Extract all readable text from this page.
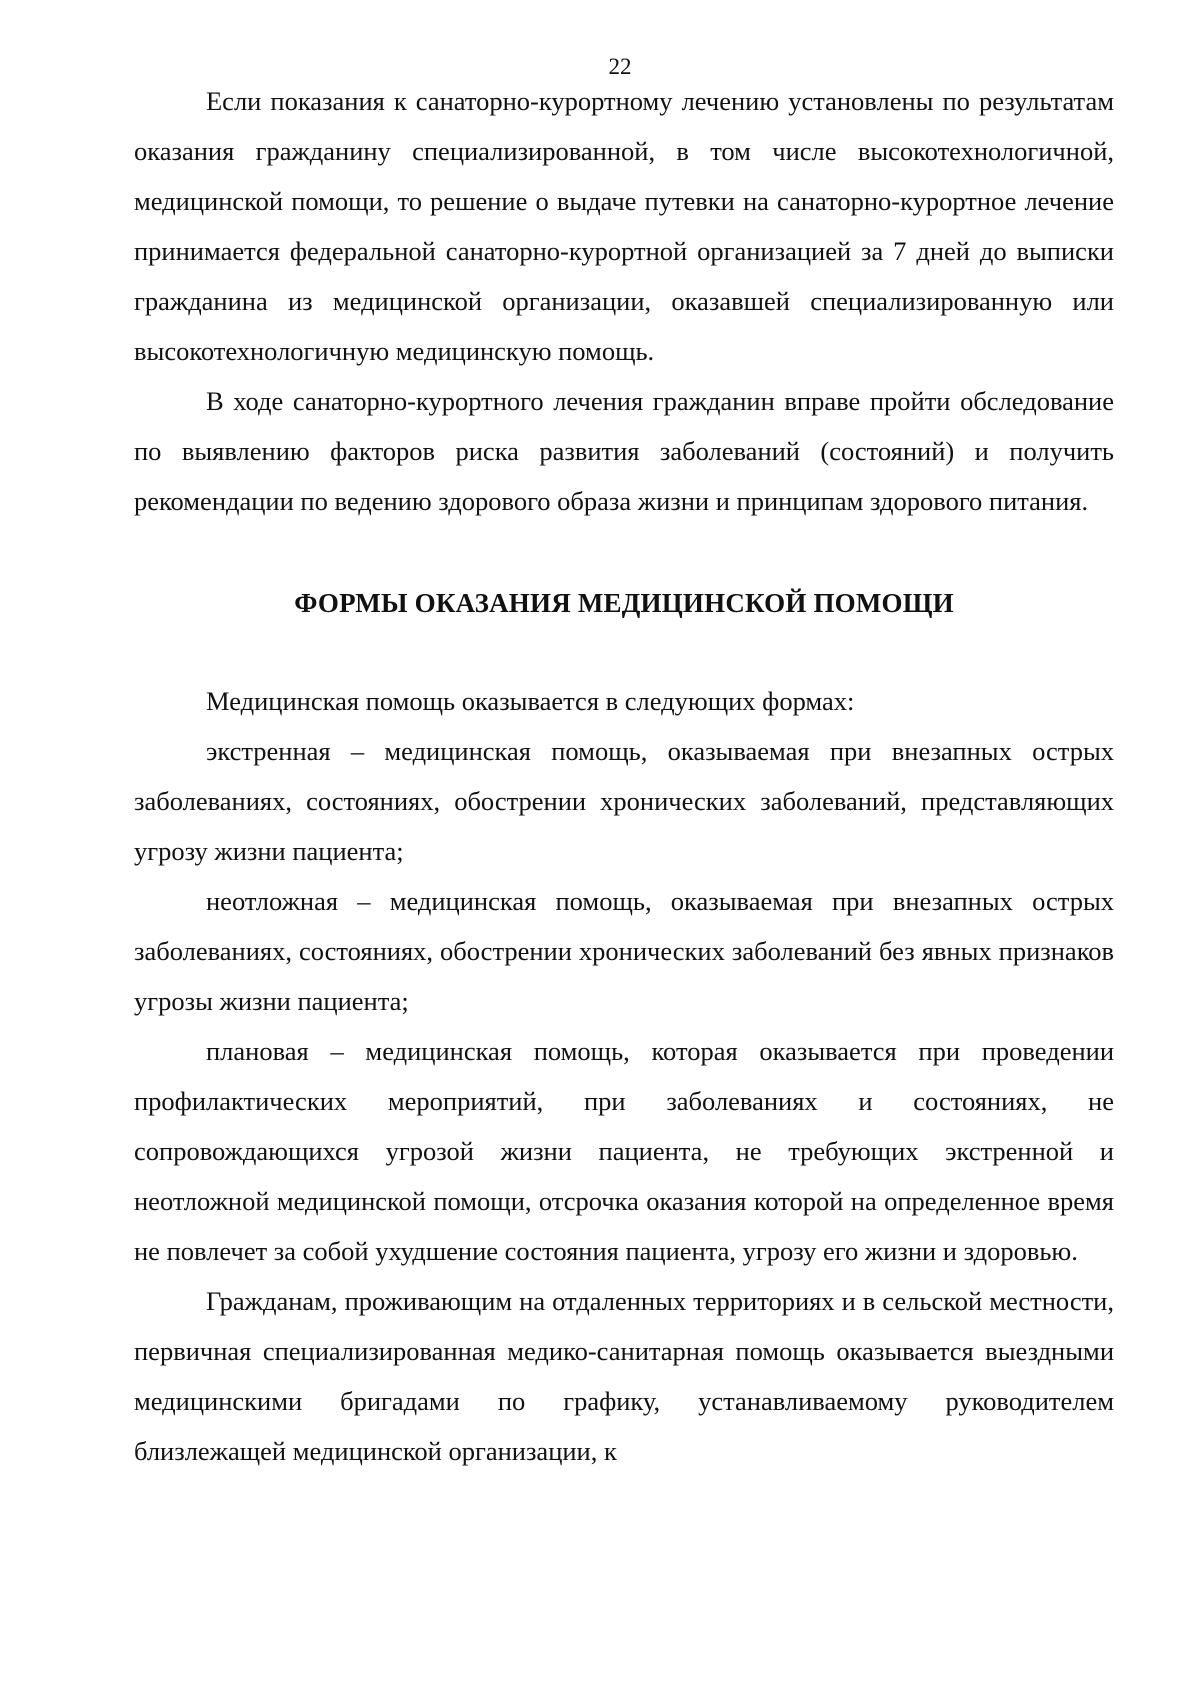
22

Если показания к санаторно-курортному лечению установлены по результатам оказания гражданину специализированной, в том числе высокотехнологичной, медицинской помощи, то решение о выдаче путевки на санаторно-курортное лечение принимается федеральной санаторно-курортной организацией за 7 дней до выписки гражданина из медицинской организации, оказавшей специализированную или высокотехнологичную медицинскую помощь.

В ходе санаторно-курортного лечения гражданин вправе пройти обследование по выявлению факторов риска развития заболеваний (состояний) и получить рекомендации по ведению здорового образа жизни и принципам здорового питания.

ФОРМЫ ОКАЗАНИЯ МЕДИЦИНСКОЙ ПОМОЩИ

Медицинская помощь оказывается в следующих формах:

экстренная – медицинская помощь, оказываемая при внезапных острых заболеваниях, состояниях, обострении хронических заболеваний, представляющих угрозу жизни пациента;

неотложная – медицинская помощь, оказываемая при внезапных острых заболеваниях, состояниях, обострении хронических заболеваний без явных признаков угрозы жизни пациента;

плановая – медицинская помощь, которая оказывается при проведении профилактических мероприятий, при заболеваниях и состояниях, не сопровождающихся угрозой жизни пациента, не требующих экстренной и неотложной медицинской помощи, отсрочка оказания которой на определенное время не повлечет за собой ухудшение состояния пациента, угрозу его жизни и здоровью.

Гражданам, проживающим на отдаленных территориях и в сельской местности, первичная специализированная медико-санитарная помощь оказывается выездными медицинскими бригадами по графику, устанавливаемому руководителем близлежащей медицинской организации, к
